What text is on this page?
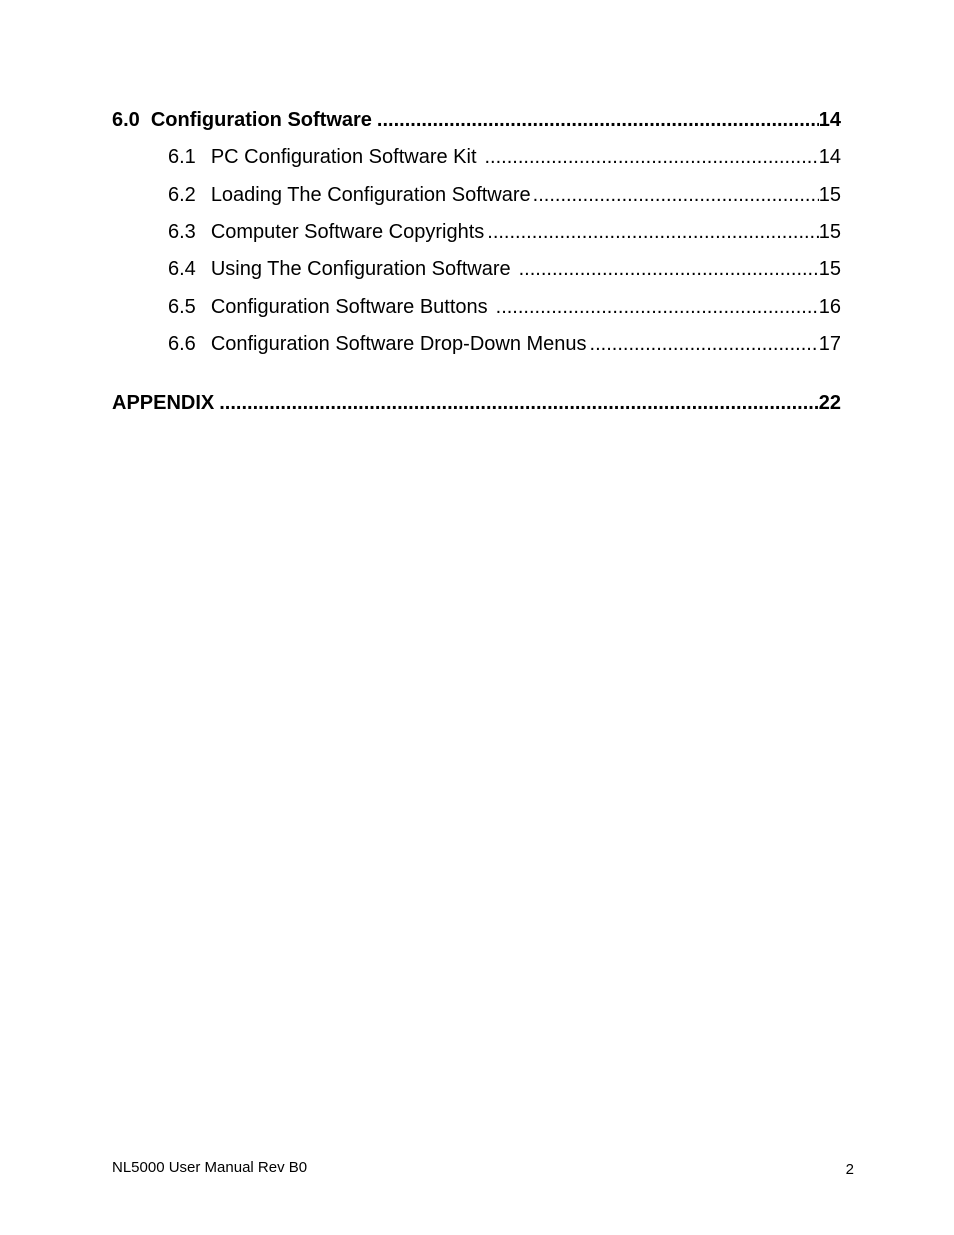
6.0 Configuration Software .....	14
6.1 PC Configuration Software Kit .....	14
6.2 Loading The Configuration Software .....	15
6.3 Computer Software Copyrights .....	15
6.4 Using The Configuration Software .....	15
6.5 Configuration Software Buttons .....	16
6.6 Configuration Software Drop-Down Menus .....	17
APPENDIX .....	22
NL5000 User Manual Rev B0	2
